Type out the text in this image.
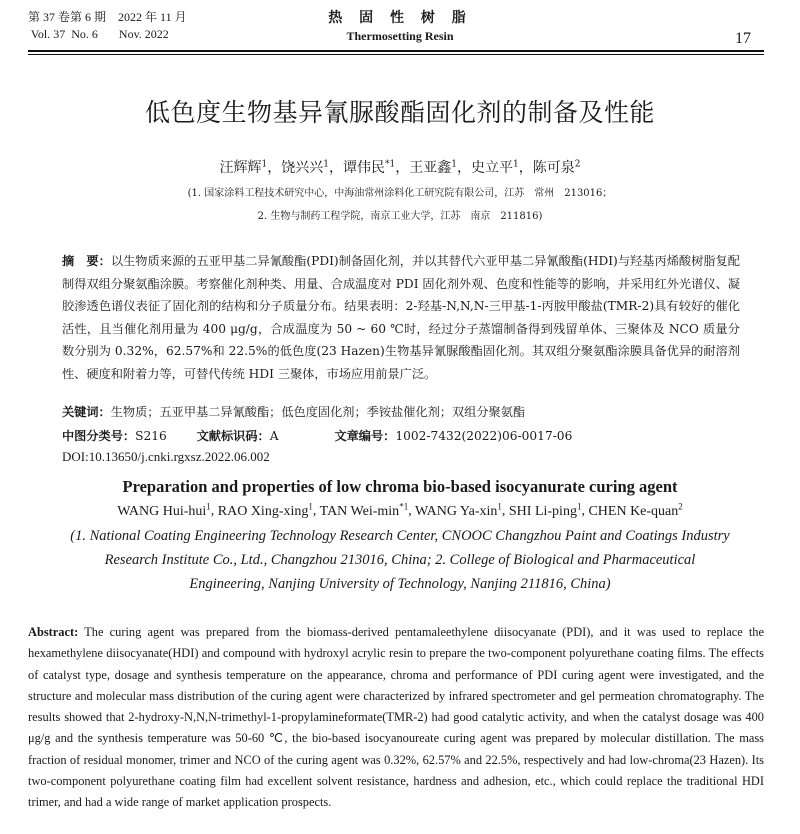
第 37 卷第 6 期 2022 年 11 月
Vol. 37  No. 6 Nov. 2022
热 固 性 树 脂
Thermosetting Resin	17
低色度生物基异氰脲酸酯固化剂的制备及性能
汪辉辉$^1$，饶兴兴$^1$，谭伟民$^{*1}$，王亚鑫$^1$，史立平$^1$，陈可泉$^2$
(1. 国家涂料工程技术研究中心，中海油常州涂料化工研究院有限公司，江苏　常州　213016；
2. 生物与制药工程学院，南京工业大学，江苏　南京　211816)
摘　要：以生物质来源的五亚甲基二异氰酸酯(PDI)制备固化剂，并以其替代六亚甲基二异氰酸酯(HDI)与羟基丙烯酸树脂复配制得双组分聚氨酯涂膜。考察催化剂种类、用量、合成温度对 PDI 固化剂外观、色度和性能等的影响，并采用红外光谱仪、凝胶渗透色谱仪表征了固化剂的结构和分子质量分布。结果表明：2-羟基-N,N,N-三甲基-1-丙胺甲酸盐(TMR-2)具有较好的催化活性，且当催化剂用量为 400 μg/g，合成温度为 50 ~ 60 ℃时，经过分子蒸馏制备得到残留单体、三聚体及 NCO 质量分数分别为 0.32%，62.57%和 22.5%的低色度(23 Hazen)生物基异氰脲酸酯固化剂。其双组分聚氨酯涂膜具备优异的耐溶剂性、硬度和附着力等，可替代传统 HDI 三聚体，市场应用前景广泛。
关键词：生物质；五亚甲基二异氰酸酯；低色度固化剂；季铵盐催化剂；双组分聚氨酯
中图分类号：S216 文献标识码：A	文章编号：1002-7432(2022)06-0017-06
DOI:10.13650/j.cnki.rgxsz.2022.06.002
Preparation and properties of low chroma bio-based isocyanurate curing agent
WANG Hui-hui$^1$, RAO Xing-xing$^1$, TAN Wei-$\min^{*1}$, WANG Ya-xin$^1$, SHI Li-ping$^1$, CHEN Ke-quan$^2$
(1. National Coating Engineering Technology Research Center, CNOOC Changzhou Paint and Coatings Industry
Research Institute Co., Ltd., Changzhou 213016, China; 2. College of Biological and Pharmaceutical
Engineering, Nanjing University of Technology, Nanjing 211816, China)
Abstract: The curing agent was prepared from the biomass-derived pentamaleethylene diisocyanate (PDI), and it was used to replace the hexamethylene diisocyanate(HDI) and compound with hydroxyl acrylic resin to prepare the two-component polyurethane coating films. The effects of catalyst type, dosage and synthesis temperature on the appearance, chroma and performance of PDI curing agent were investigated, and the structure and molecular mass distribution of the curing agent were characterized by infrared spectrometer and gel permeation chromatography. The results showed that 2-hydroxy-N,N,N-trimethyl-1-propylamineformate(TMR-2) had good catalytic activity, and when the catalyst dosage was 400 μg/g and the synthesis temperature was 50-60 ℃, the bio-based isocyanoureate curing agent was prepared by molecular distillation. The mass fraction of residual monomer, trimer and NCO of the curing agent was 0.32%, 62.57% and 22.5%, respectively and had low-chroma(23 Hazen). Its two-component polyurethane coating film had excellent solvent resistance, hardness and adhesion, etc., which could replace the traditional HDI trimer, and had a wide range of market application prospects.
